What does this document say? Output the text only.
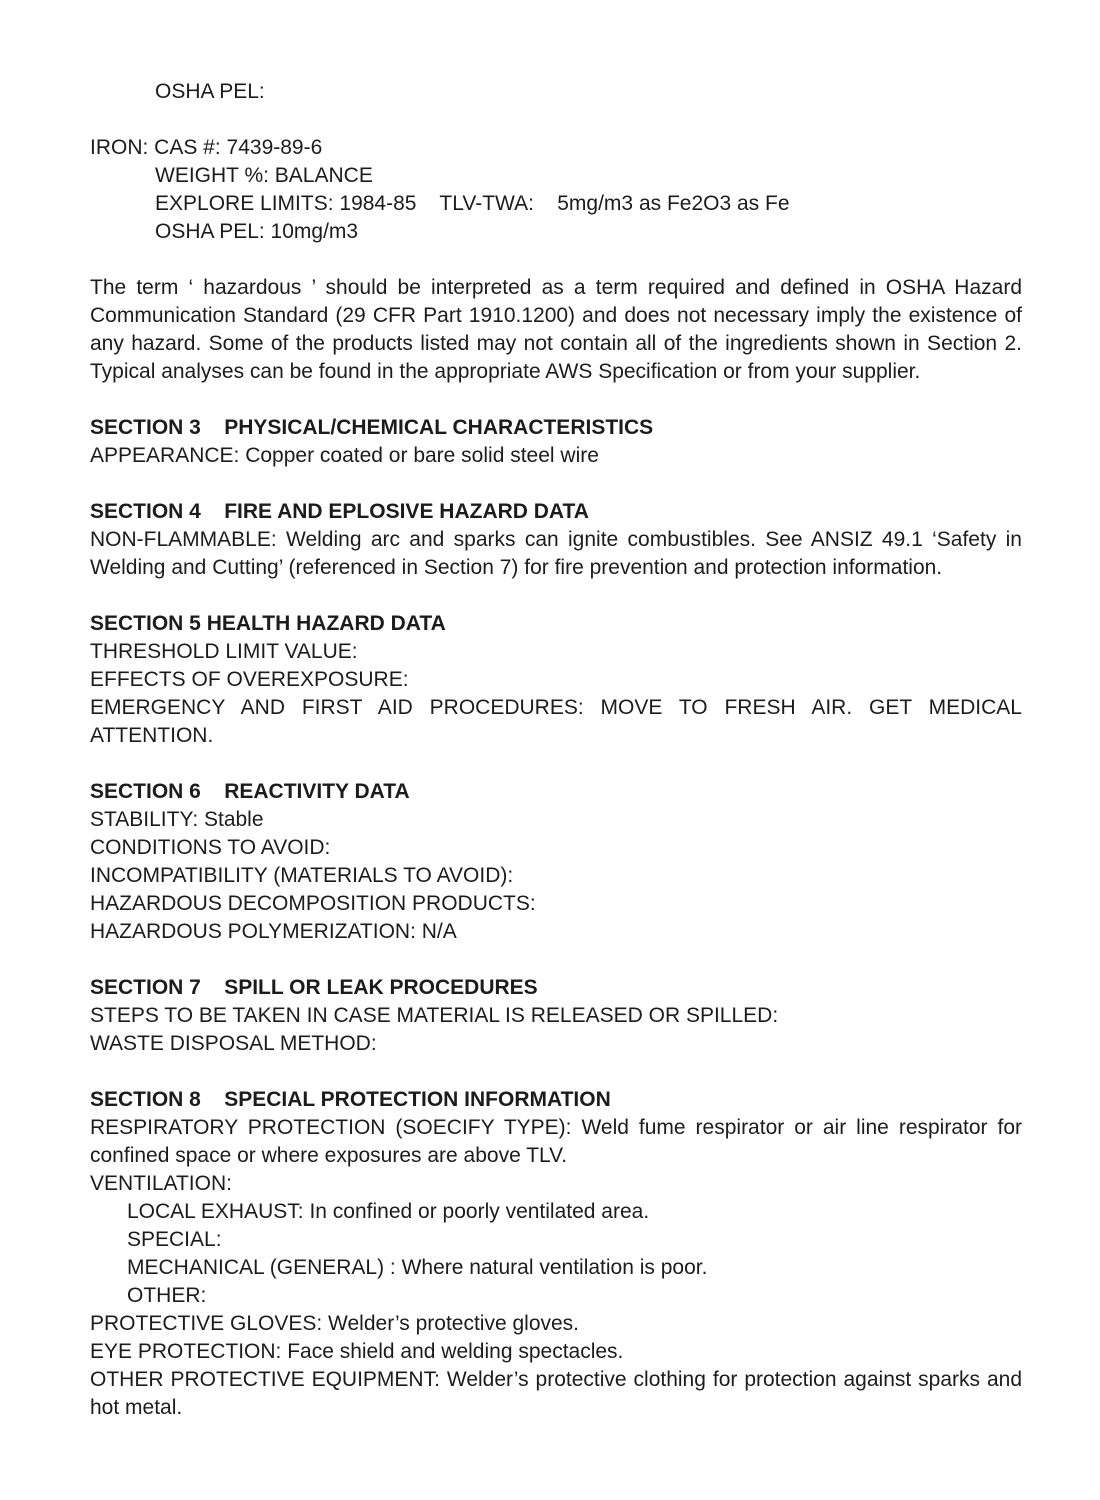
OSHA PEL:
IRON: CAS #: 7439-89-6
WEIGHT %: BALANCE
EXPLORE LIMITS: 1984-85    TLV-TWA:    5mg/m3 as Fe2O3 as Fe
OSHA PEL: 10mg/m3
The term ‘ hazardous ’ should be interpreted as a term required and defined in OSHA Hazard Communication Standard (29 CFR Part 1910.1200) and does not necessary imply the existence of any hazard. Some of the products listed may not contain all of the ingredients shown in Section 2. Typical analyses can be found in the appropriate AWS Specification or from your supplier.
SECTION 3    PHYSICAL/CHEMICAL CHARACTERISTICS
APPEARANCE: Copper coated or bare solid steel wire
SECTION 4    FIRE AND EPLOSIVE HAZARD DATA
NON-FLAMMABLE: Welding arc and sparks can ignite combustibles. See ANSIZ 49.1 ‘Safety in Welding and Cutting’ (referenced in Section 7) for fire prevention and protection information.
SECTION 5 HEALTH HAZARD DATA
THRESHOLD LIMIT VALUE:
EFFECTS OF OVEREXPOSURE:
EMERGENCY AND FIRST AID PROCEDURES: MOVE TO FRESH AIR. GET MEDICAL ATTENTION.
SECTION 6    REACTIVITY DATA
STABILITY: Stable
CONDITIONS TO AVOID:
INCOMPATIBILITY (MATERIALS TO AVOID):
HAZARDOUS DECOMPOSITION PRODUCTS:
HAZARDOUS POLYMERIZATION: N/A
SECTION 7    SPILL OR LEAK PROCEDURES
STEPS TO BE TAKEN IN CASE MATERIAL IS RELEASED OR SPILLED:
WASTE DISPOSAL METHOD:
SECTION 8    SPECIAL PROTECTION INFORMATION
RESPIRATORY PROTECTION (SOECIFY TYPE): Weld fume respirator or air line respirator for confined space or where exposures are above TLV.
VENTILATION:
LOCAL EXHAUST: In confined or poorly ventilated area.
SPECIAL:
MECHANICAL (GENERAL) : Where natural ventilation is poor.
OTHER:
PROTECTIVE GLOVES: Welder’s protective gloves.
EYE PROTECTION: Face shield and welding spectacles.
OTHER PROTECTIVE EQUIPMENT: Welder’s protective clothing for protection against sparks and hot metal.
